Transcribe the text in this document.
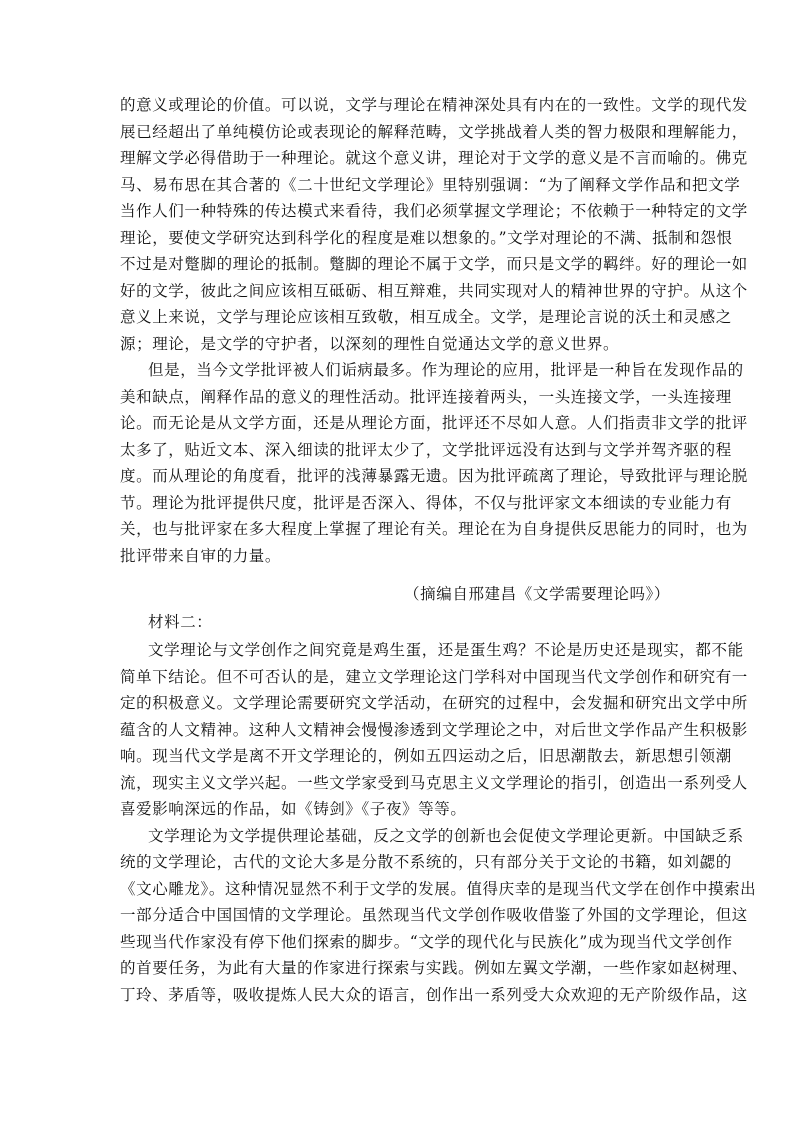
的意义或理论的价值。可以说，文学与理论在精神深处具有内在的一致性。文学的现代发
展已经超出了单纯模仿论或表现论的解释范畴，文学挑战着人类的智力极限和理解能力，
理解文学必得借助于一种理论。就这个意义讲，理论对于文学的意义是不言而喻的。佛克
马、易布思在其合著的《二十世纪文学理论》里特别强调：“为了阐释文学作品和把文学
当作人们一种特殊的传达模式来看待，我们必须掌握文学理论；不依赖于一种特定的文学
理论，要使文学研究达到科学化的程度是难以想象的。”文学对理论的不满、抵制和怨恨
不过是对蹩脚的理论的抵制。蹩脚的理论不属于文学，而只是文学的羁绊。好的理论一如
好的文学，彼此之间应该相互砥砺、相互辩难，共同实现对人的精神世界的守护。从这个
意义上来说，文学与理论应该相互致敬，相互成全。文学，是理论言说的沃土和灵感之
源；理论，是文学的守护者，以深刻的理性自觉通达文学的意义世界。
但是，当今文学批评被人们诟病最多。作为理论的应用，批评是一种旨在发现作品的
美和缺点，阐释作品的意义的理性活动。批评连接着两头，一头连接文学，一头连接理
论。而无论是从文学方面，还是从理论方面，批评还不尽如人意。人们指责非文学的批评
太多了，贴近文本、深入细读的批评太少了，文学批评远没有达到与文学并驾齐驱的程
度。而从理论的角度看，批评的浅薄暴露无遗。因为批评疏离了理论，导致批评与理论脱
节。理论为批评提供尺度，批评是否深入、得体，不仅与批评家文本细读的专业能力有
关，也与批评家在多大程度上掌握了理论有关。理论在为自身提供反思能力的同时，也为
批评带来自审的力量。
（摘编自邢建昌《文学需要理论吗》）
材料二：
文学理论与文学创作之间究竟是鸡生蛋，还是蛋生鸡？不论是历史还是现实，都不能
简单下结论。但不可否认的是，建立文学理论这门学科对中国现当代文学创作和研究有一
定的积极意义。文学理论需要研究文学活动，在研究的过程中，会发掘和研究出文学中所
蕴含的人文精神。这种人文精神会慢慢渗透到文学理论之中，对后世文学作品产生积极影
响。现当代文学是离不开文学理论的，例如五四运动之后，旧思潮散去，新思想引领潮
流，现实主义文学兴起。一些文学家受到马克思主义文学理论的指引，创造出一系列受人
喜爱影响深远的作品，如《铸剑》《子夜》等等。
文学理论为文学提供理论基础，反之文学的创新也会促使文学理论更新。中国缺乏系
统的文学理论，古代的文论大多是分散不系统的，只有部分关于文论的书籍，如刘勰的
《文心雕龙》。这种情况显然不利于文学的发展。值得庆幸的是现当代文学在创作中摸索出
一部分适合中国国情的文学理论。虽然现当代文学创作吸收借鉴了外国的文学理论，但这
些现当代作家没有停下他们探索的脚步。“文学的现代化与民族化”成为现当代文学创作
的首要任务，为此有大量的作家进行探索与实践。例如左翼文学潮，一些作家如赵树理、
丁玲、茅盾等，吸收提炼人民大众的语言，创作出一系列受大众欢迎的无产阶级作品，这
